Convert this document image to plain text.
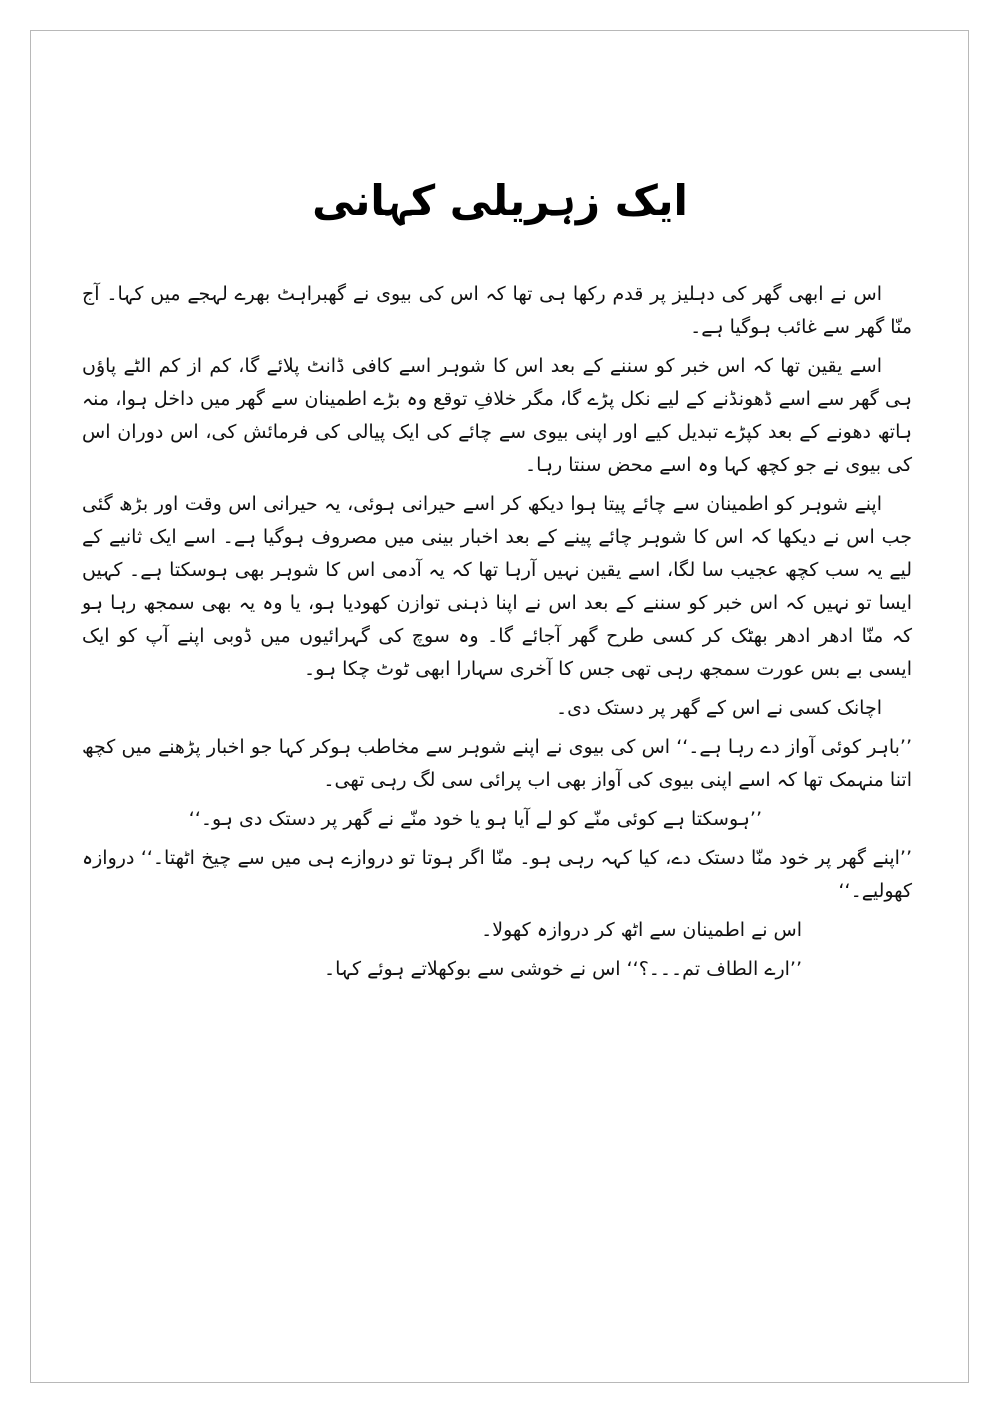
ایک زہریلی کہانی

اس نے ابھی گھر کی دہلیز پر قدم رکھا ہی تھا کہ اس کی بیوی نے گھبراہٹ بھرے لہجے میں کہا۔ آج منّا گھر سے غائب ہوگیا ہے۔

اسے یقین تھا کہ اس خبر کو سننے کے بعد اس کا شوہر اسے کافی ڈانٹ پلائے گا، کم از کم الٹے پاؤں ہی گھر سے اسے ڈھونڈنے کے لیے نکل پڑے گا، مگر خلافِ توقع وہ بڑے اطمینان سے گھر میں داخل ہوا، منہ ہاتھ دھونے کے بعد کپڑے تبدیل کیے اور اپنی بیوی سے چائے کی ایک پیالی کی فرمائش کی، اس دوران اس کی بیوی نے جو کچھ کہا وہ اسے محض سنتا رہا۔

اپنے شوہر کو اطمینان سے چائے پیتا ہوا دیکھ کر اسے حیرانی ہوئی، یہ حیرانی اس وقت اور بڑھ گئی جب اس نے دیکھا کہ اس کا شوہر چائے پینے کے بعد اخبار بینی میں مصروف ہوگیا ہے۔ اسے ایک ثانیے کے لیے یہ سب کچھ عجیب سا لگا، اسے یقین نہیں آرہا تھا کہ یہ آدمی اس کا شوہر بھی ہوسکتا ہے۔ کہیں ایسا تو نہیں کہ اس خبر کو سننے کے بعد اس نے اپنا ذہنی توازن کھودیا ہو، یا وہ یہ بھی سمجھ رہا ہو کہ منّا ادھر ادھر بھٹک کر کسی طرح گھر آجائے گا۔ وہ سوچ کی گہرائیوں میں ڈوبی اپنے آپ کو ایک ایسی بے بس عورت سمجھ رہی تھی جس کا آخری سہارا ابھی ٹوٹ چکا ہو۔

اچانک کسی نے اس کے گھر پر دستک دی۔

’’باہر کوئی آواز دے رہا ہے۔‘‘ اس کی بیوی نے اپنے شوہر سے مخاطب ہوکر کہا جو اخبار پڑھنے میں کچھ اتنا منہمک تھا کہ اسے اپنی بیوی کی آواز بھی اب پرائی سی لگ رہی تھی۔

’’ہوسکتا ہے کوئی منّے کو لے آیا ہو یا خود منّے نے گھر پر دستک دی ہو۔‘‘

’’اپنے گھر پر خود منّا دستک دے، کیا کہہ رہی ہو۔ منّا اگر ہوتا تو دروازے ہی میں سے چیخ اٹھتا۔‘‘ دروازہ کھولیے۔‘‘

اس نے اطمینان سے اٹھ کر دروازہ کھولا۔

’’ارے الطاف تم۔۔۔؟‘‘ اس نے خوشی سے بوکھلاتے ہوئے کہا۔
